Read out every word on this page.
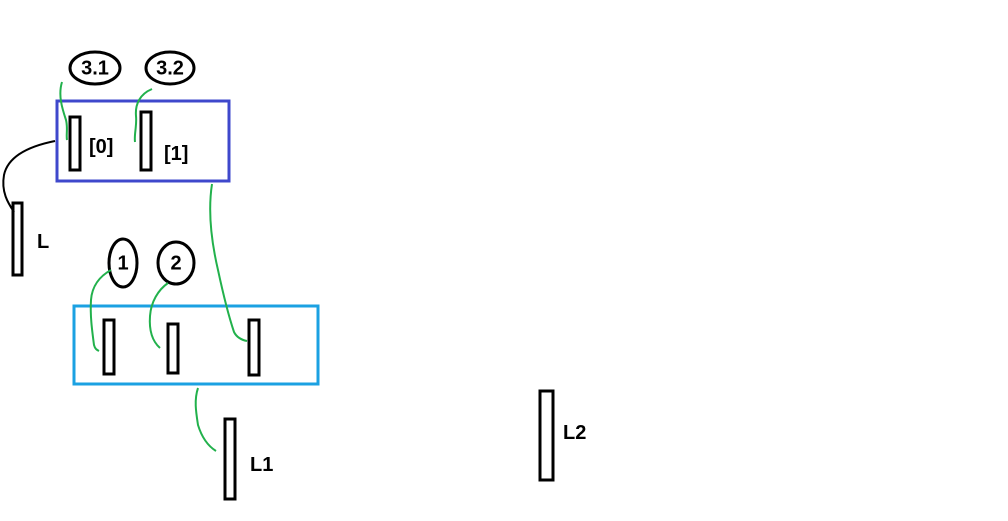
[0]	[1]
3.1 3.2
L
1 2
L1
L2
